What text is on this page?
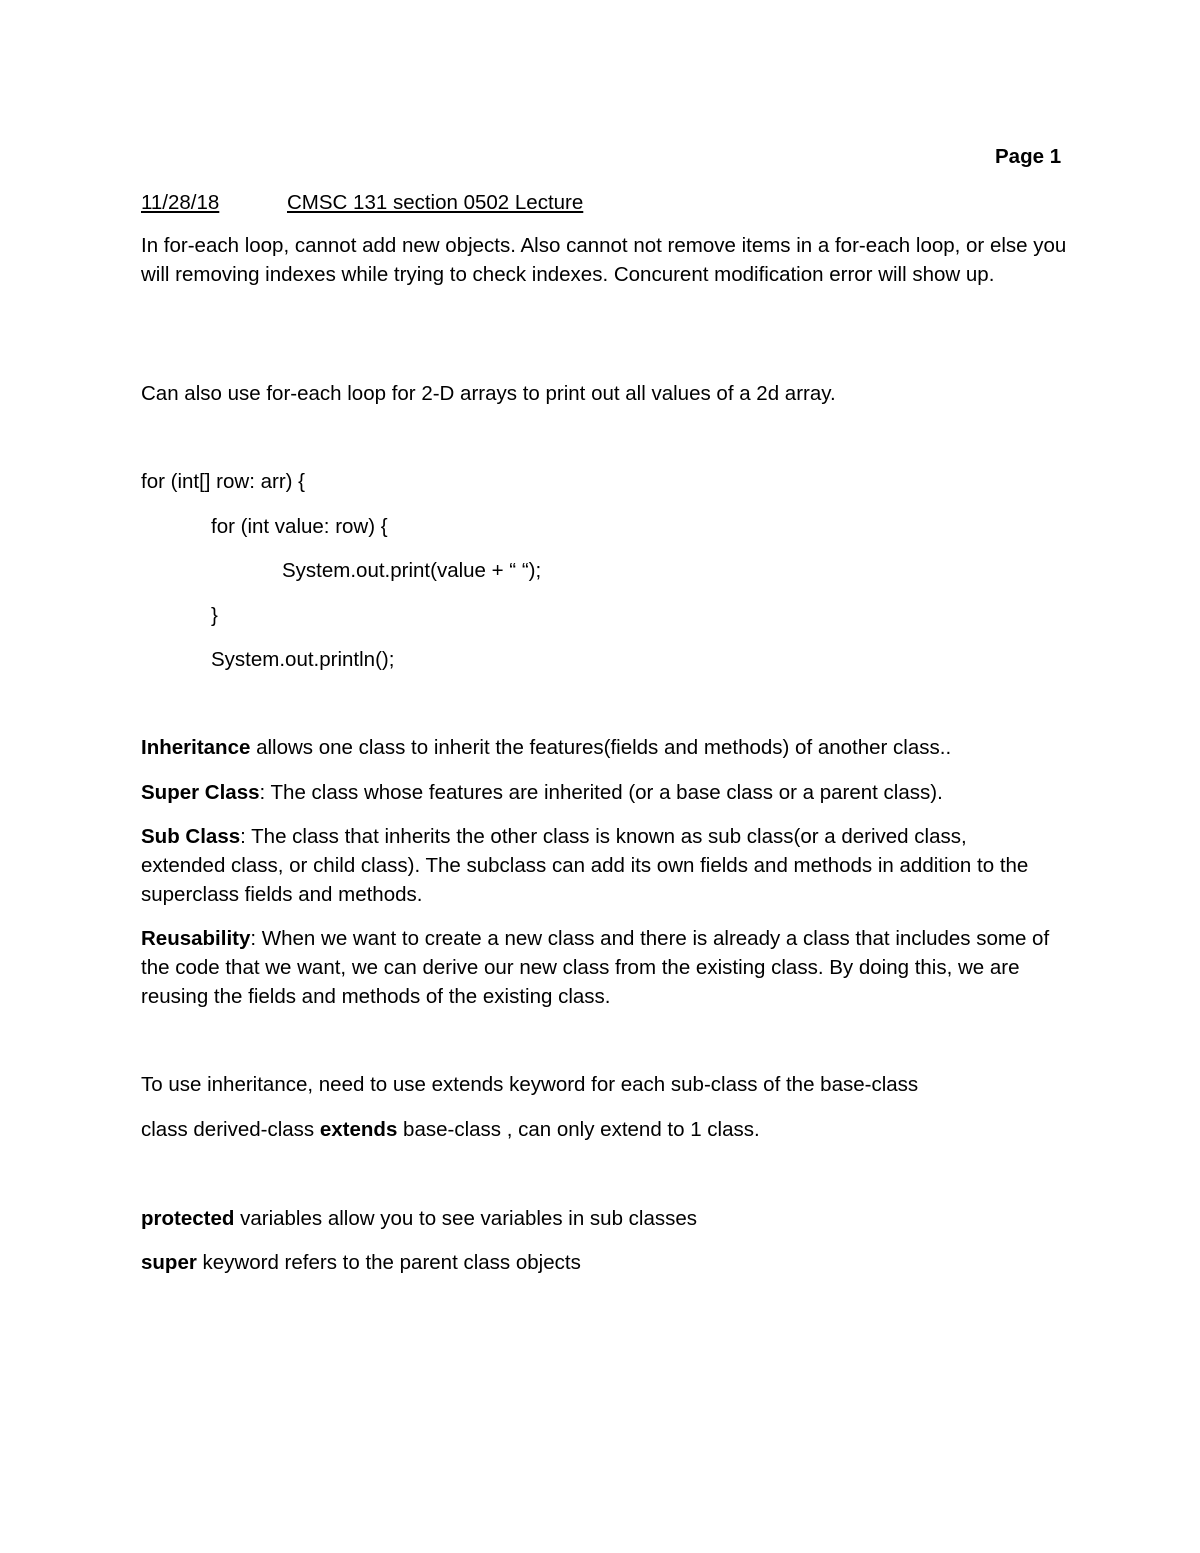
Page 1
11/28/18	CMSC 131 section 0502 Lecture
In for-each loop, cannot add new objects. Also cannot not remove items in a for-each loop, or else you will removing indexes while trying to check indexes. Concurent modification error will show up.
Can also use for-each loop for 2-D arrays to print out all values of a 2d array.
for (int[] row: arr) {
for (int value: row) {
System.out.print(value + “ “);
}
System.out.println();
Inheritance allows one class to inherit the features(fields and methods) of another class..
Super Class: The class whose features are inherited (or a base class or a parent class).
Sub Class: The class that inherits the other class is known as sub class(or a derived class, extended class, or child class). The subclass can add its own fields and methods in addition to the superclass fields and methods.
Reusability: When we want to create a new class and there is already a class that includes some of the code that we want, we can derive our new class from the existing class. By doing this, we are reusing the fields and methods of the existing class.
To use inheritance, need to use extends keyword for each sub-class of the base-class
class derived-class extends base-class , can only extend to 1 class.
protected variables allow you to see variables in sub classes
super keyword refers to the parent class objects
